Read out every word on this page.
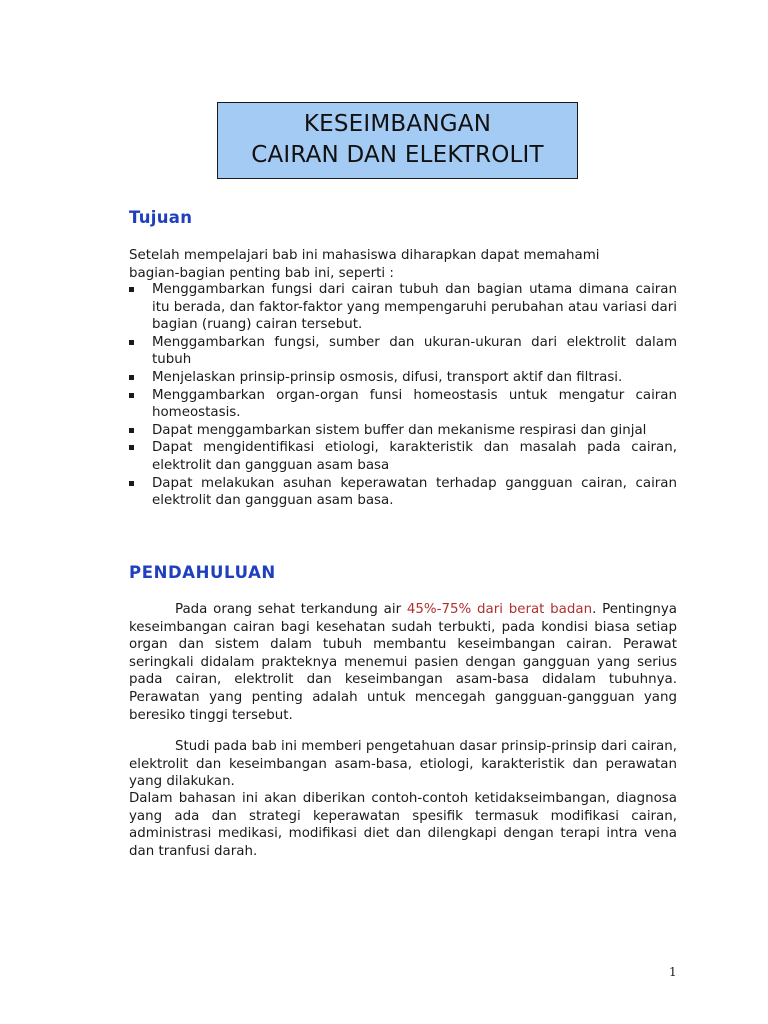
KESEIMBANGAN
CAIRAN DAN ELEKTROLIT
Tujuan
Setelah mempelajari bab ini mahasiswa diharapkan dapat memahami
bagian-bagian penting bab ini, seperti :
Menggambarkan fungsi dari cairan tubuh dan bagian utama dimana cairan itu berada, dan faktor-faktor yang mempengaruhi perubahan atau variasi dari bagian (ruang) cairan tersebut.
Menggambarkan fungsi, sumber dan ukuran-ukuran dari elektrolit dalam tubuh
Menjelaskan prinsip-prinsip osmosis, difusi, transport aktif dan filtrasi.
Menggambarkan organ-organ funsi homeostasis untuk mengatur cairan homeostasis.
Dapat menggambarkan sistem buffer dan mekanisme respirasi dan ginjal
Dapat mengidentifikasi etiologi, karakteristik dan masalah pada cairan, elektrolit dan gangguan asam basa
Dapat melakukan asuhan keperawatan terhadap gangguan cairan, cairan elektrolit dan gangguan asam basa.
PENDAHULUAN
Pada orang sehat terkandung air 45%-75% dari berat badan. Pentingnya keseimbangan cairan bagi kesehatan sudah terbukti, pada kondisi biasa setiap organ dan sistem dalam tubuh membantu keseimbangan cairan. Perawat seringkali didalam prakteknya menemui pasien dengan gangguan yang serius pada cairan, elektrolit dan keseimbangan asam-basa didalam tubuhnya. Perawatan yang penting adalah untuk mencegah gangguan-gangguan yang beresiko tinggi tersebut.
Studi pada bab ini memberi pengetahuan dasar prinsip-prinsip dari cairan, elektrolit dan keseimbangan asam-basa, etiologi, karakteristik dan perawatan yang dilakukan.
Dalam bahasan ini akan diberikan contoh-contoh ketidakseimbangan, diagnosa yang ada dan strategi keperawatan spesifik termasuk modifikasi cairan, administrasi medikasi, modifikasi diet dan dilengkapi dengan terapi intra vena dan tranfusi darah.
1
